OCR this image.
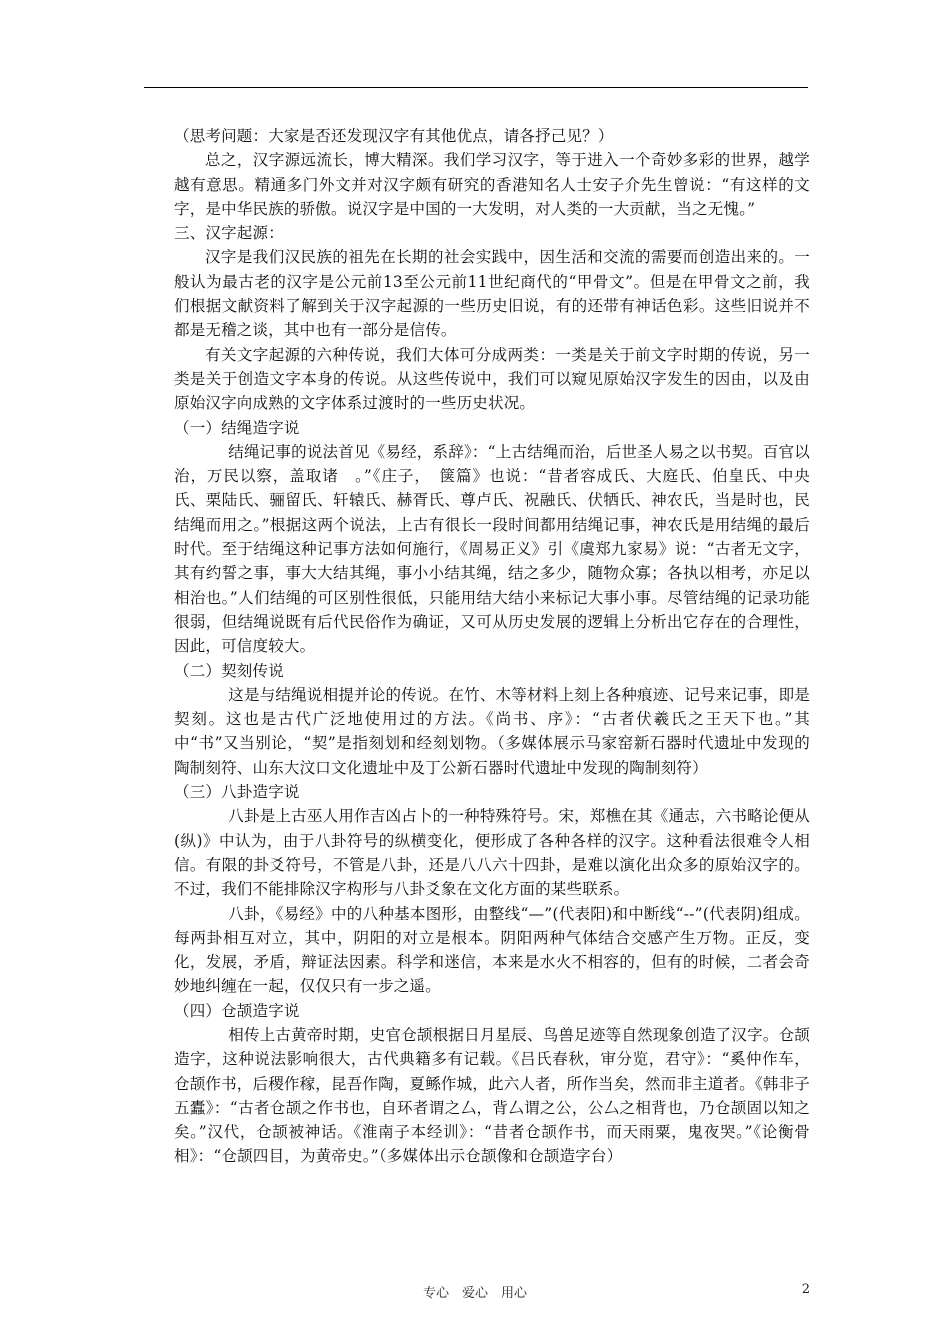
（思考问题：大家是否还发现汉字有其他优点，请各抒己见？）

总之，汉字源远流长，博大精深。我们学习汉字，等于进入一个奇妙多彩的世界，越学越有意思。精通多门外文并对汉字颇有研究的香港知名人士安子介先生曾说：“有这样的文字，是中华民族的骄傲。说汉字是中国的一大发明，对人类的一大贡献，当之无愧。”

三、汉字起源：

汉字是我们汉民族的祖先在长期的社会实践中，因生活和交流的需要而创造出来的。一般认为最古老的汉字是公元前13至公元前11世纪商代的“甲骨文”。但是在甲骨文之前，我们根据文献资料了解到关于汉字起源的一些历史旧说，有的还带有神话色彩。这些旧说并不都是无稽之谈，其中也有一部分是信传。

有关文字起源的六种传说，我们大体可分成两类：一类是关于前文字时期的传说，另一类是关于创造文字本身的传说。从这些传说中，我们可以窥见原始汉字发生的因由，以及由原始汉字向成熟的文字体系过渡时的一些历史状况。

（一）结绳造字说

结绳记事的说法首见《易经，系辞》：“上古结绳而治，后世圣人易之以书契。百官以治，万民以察，盖取诸　。”《庄子，　箧篇》也说：“昔者容成氏、大庭氏、伯皇氏、中央氏、栗陆氏、骊留氏、轩辕氏、赫胥氏、尊卢氏、祝融氏、伏牺氏、神农氏，当是时也，民结绳而用之。”根据这两个说法，上古有很长一段时间都用结绳记事，神农氏是用结绳的最后时代。至于结绳这种记事方法如何施行，《周易正义》引《虞郑九家易》说：“古者无文字，其有约誓之事，事大大结其绳，事小小结其绳，结之多少，随物众寡；各执以相考，亦足以相治也。”人们结绳的可区别性很低，只能用结大结小来标记大事小事。尽管结绳的记录功能很弱，但结绳说既有后代民俗作为确证，又可从历史发展的逻辑上分析出它存在的合理性，因此，可信度较大。

（二）契刻传说

这是与结绳说相提并论的传说。在竹、木等材料上刻上各种痕迹、记号来记事，即是契刻。这也是古代广泛地使用过的方法。《尚书、序》：“古者伏羲氏之王天下也。”其中“书”又当别论，“契”是指刻划和经刻划物。（多媒体展示马家窑新石器时代遗址中发现的陶制刻符、山东大汶口文化遗址中及丁公新石器时代遗址中发现的陶制刻符）

（三）八卦造字说

八卦是上古巫人用作吉凶占卜的一种特殊符号。宋，郑樵在其《通志，六书略论便从(纵)》中认为，由于八卦符号的纵横变化，便形成了各种各样的汉字。这种看法很难令人相信。有限的卦爻符号，不管是八卦，还是八八六十四卦，是难以演化出众多的原始汉字的。不过，我们不能排除汉字构形与八卦爻象在文化方面的某些联系。

八卦，《易经》中的八种基本图形，由整线“—”(代表阳)和中断线“--”(代表阴)组成。每两卦相互对立，其中，阴阳的对立是根本。阴阳两种气体结合交感产生万物。正反，变化，发展，矛盾，辩证法因素。科学和迷信，本来是水火不相容的，但有的时候，二者会奇妙地纠缠在一起，仅仅只有一步之遥。

（四）仓颉造字说

相传上古黄帝时期，史官仓颉根据日月星辰、鸟兽足迹等自然现象创造了汉字。仓颉造字，这种说法影响很大，古代典籍多有记载。《吕氏春秋，审分览，君守》：“奚仲作车，仓颉作书，后稷作稼，昆吾作陶，夏鲧作城，此六人者，所作当矣，然而非主道者。《韩非子五蠹》：“古者仓颉之作书也，自环者谓之厶，背厶谓之公，公厶之相背也，乃仓颉固以知之矣。”汉代，仓颉被神话。《淮南子本经训》：“昔者仓颉作书，而天雨粟，鬼夜哭。”《论衡骨相》：“仓颉四目，为黄帝史。”（多媒体出示仓颉像和仓颉造字台）

专心　爱心　用心	2
